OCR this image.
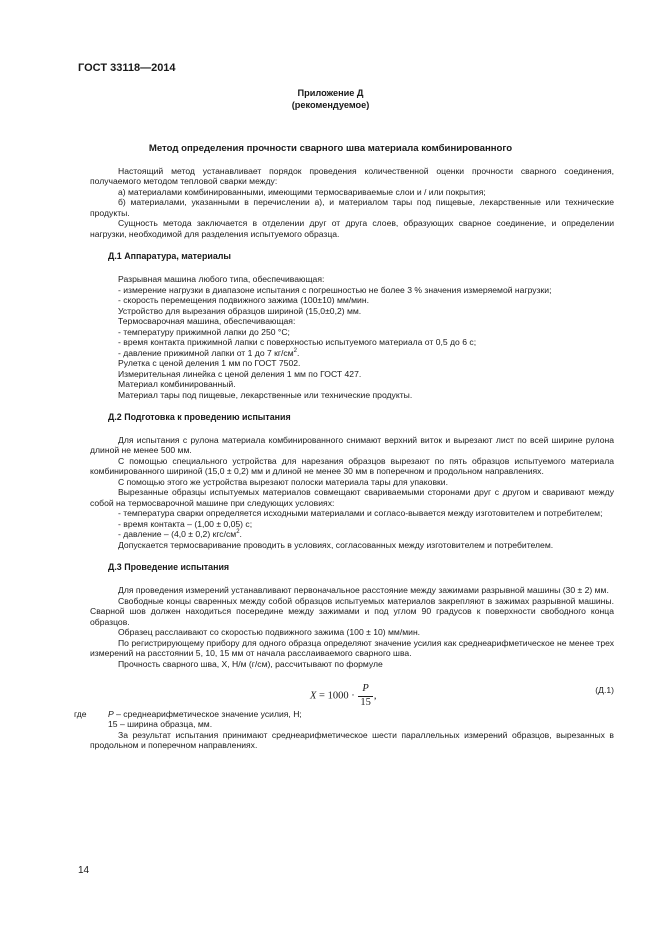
ГОСТ 33118—2014
Приложение Д
(рекомендуемое)
Метод определения прочности сварного шва материала комбинированного

Настоящий метод устанавливает порядок проведения количественной оценки прочности сварного соединения, получаемого методом тепловой сварки между:

а) материалами комбинированными, имеющими термосвариваемые слои и / или покрытия;

б) материалами, указанными в перечислении а), и материалом тары под пищевые, лекарственные или технические продукты.

Сущность метода заключается в отделении друг от друга слоев, образующих сварное соединение, и определении нагрузки, необходимой для разделения испытуемого образца.

Д.1 Аппаратура, материалы

Разрывная машина любого типа, обеспечивающая:

- измерение нагрузки в диапазоне испытания с погрешностью не более 3 % значения измеряемой нагрузки;

- скорость перемещения подвижного зажима (100±10) мм/мин.

Устройство для вырезания образцов шириной (15,0±0,2) мм.

Термосварочная машина, обеспечивающая:

- температуру прижимной лапки до 250 °С;

- время контакта прижимной лапки с поверхностью испытуемого материала от 0,5 до 6 с;

- давление прижимной лапки от 1 до 7 $кг/см^2$.

Рулетка с ценой деления 1 мм по ГОСТ 7502.

Измерительная линейка с ценой деления 1 мм по ГОСТ 427.

Материал комбинированный.

Материал тары под пищевые, лекарственные или технические продукты.

Д.2 Подготовка к проведению испытания

Для испытания с рулона материала комбинированного снимают верхний виток и вырезают лист по всей ширине рулона длиной не менее 500 мм.

С помощью специального устройства для нарезания образцов вырезают по пять образцов испытуемого материала комбинированного шириной (15,0 ± 0,2) мм и длиной не менее 30 мм в поперечном и продольном направлениях.

С помощью этого же устройства вырезают полоски материала тары для упаковки.

Вырезанные образцы испытуемых материалов совмещают свариваемыми сторонами друг с другом и сваривают между собой на термосварочной машине при следующих условиях:

- температура сварки определяется исходными материалами и согласо-вывается между изготовителем и потребителем;

- время контакта – (1,00 ± 0,05) с;

- давление – (4,0 ± 0,2) кгс/$см^2$.

Допускается термосваривание проводить в условиях, согласованных между изготовителем и потребителем.

Д.3 Проведение испытания

Для проведения измерений устанавливают первоначальное расстояние между зажимами разрывной машины (30 ± 2) мм.

Свободные концы сваренных между собой образцов испытуемых материалов закрепляют в зажимах разрывной машины. Сварной шов должен находиться посередине между зажимами и под углом 90 градусов к поверхности свободного конца образцов.

Образец расслаивают со скоростью подвижного зажима (100 ± 10) мм/мин.

По регистрирующему прибору для одного образца определяют значение усилия как среднеарифметическое не менее трех измерений на расстоянии 5, 10, 15 мм от начала расслаиваемого сварного шва.

Прочность сварного шва, X, Н/м (г/см), рассчитывают по формуле

$X = 1000 \cdot \frac{P}{15}$ ,
(Д.1)

где Р – среднеарифметическое значение усилия, Н;

15 – ширина образца, мм.

За результат испытания принимают среднеарифметическое шести параллельных измерений образцов, вырезанных в продольном и поперечном направлениях.

14
